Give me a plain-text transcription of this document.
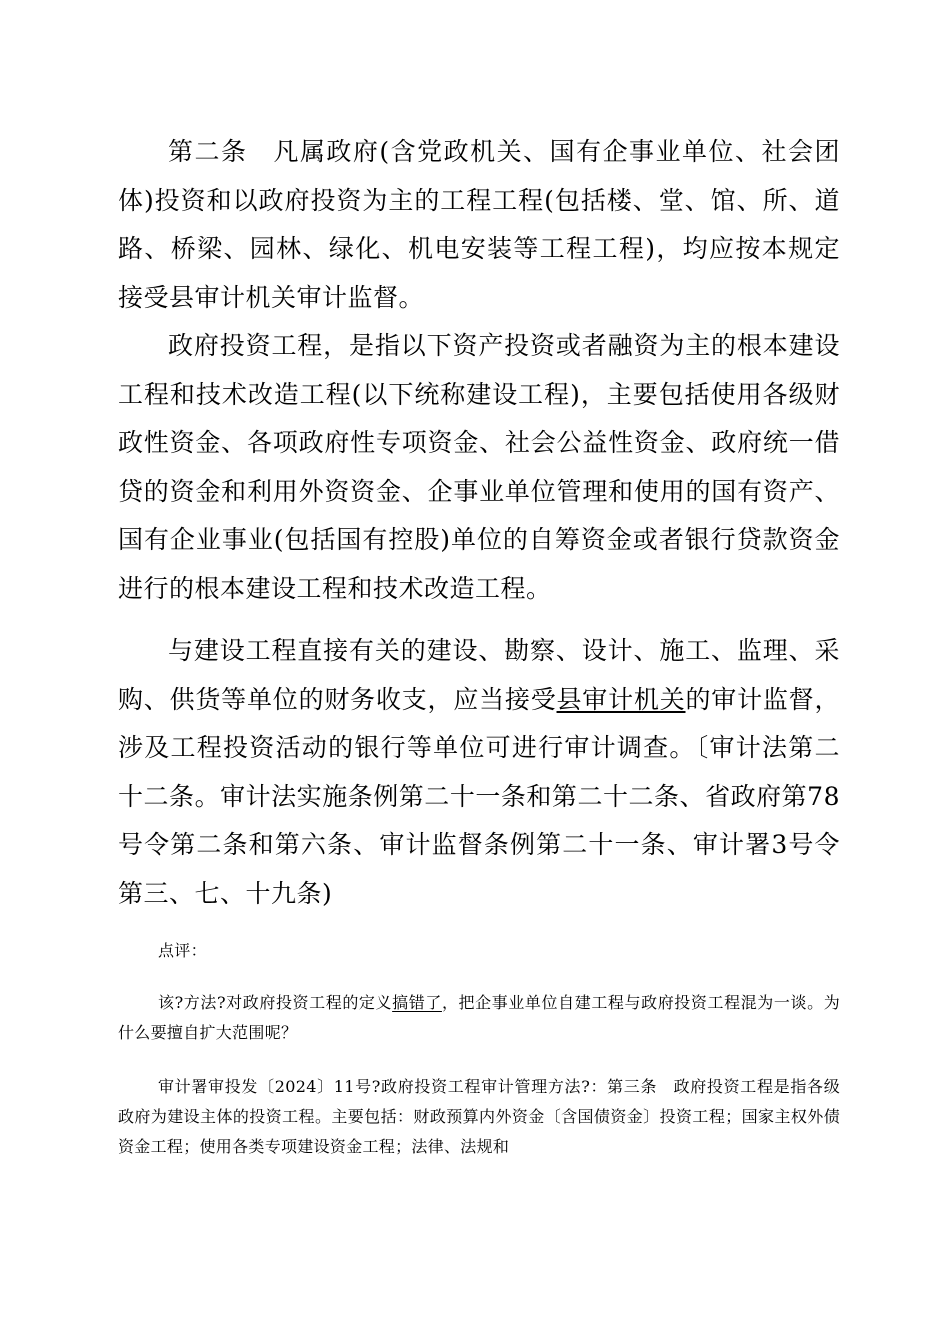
第二条 凡属政府(含党政机关、国有企事业单位、社会团体)投资和以政府投资为主的工程工程(包括楼、堂、馆、所、道路、桥梁、园林、绿化、机电安装等工程工程)，均应按本规定接受县审计机关审计监督。

政府投资工程，是指以下资产投资或者融资为主的根本建设工程和技术改造工程(以下统称建设工程)，主要包括使用各级财政性资金、各项政府性专项资金、社会公益性资金、政府统一借贷的资金和利用外资资金、企事业单位管理和使用的国有资产、国有企业事业(包括国有控股)单位的自筹资金或者银行贷款资金进行的根本建设工程和技术改造工程。

与建设工程直接有关的建设、勘察、设计、施工、监理、采购、供货等单位的财务收支，应当接受县审计机关的审计监督，涉及工程投资活动的银行等单位可进行审计调查。〔审计法第二十二条。审计法实施条例第二十一条和第二十二条、省政府第78号令第二条和第六条、审计监督条例第二十一条、审计署3号令第三、七、十九条)

点评：

该?方法?对政府投资工程的定义搞错了，把企事业单位自建工程与政府投资工程混为一谈。为什么要擅自扩大范围呢？

审计署审投发〔2024〕11号?政府投资工程审计管理方法?：第三条 政府投资工程是指各级政府为建设主体的投资工程。主要包括：财政预算内外资金〔含国债资金〕投资工程；国家主权外债资金工程；使用各类专项建设资金工程；法律、法规和
